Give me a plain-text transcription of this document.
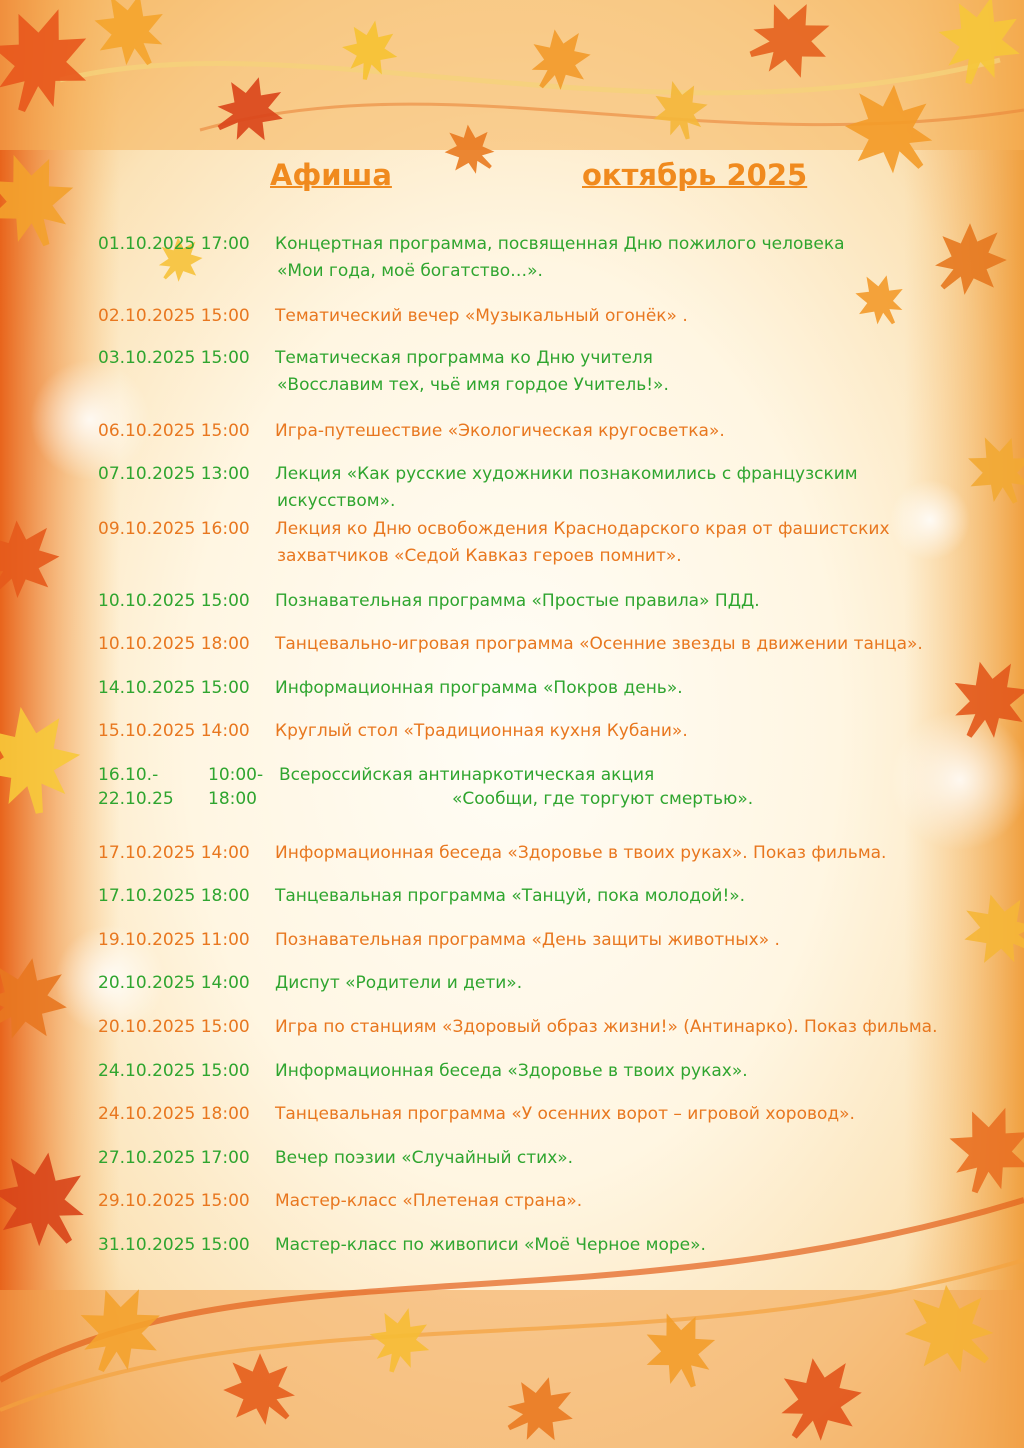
Афиша	октябрь 2025
01.10.2025 17:00 Концертная программа, посвященная Дню пожилого человека
«Мои года, моё богатство…».
02.10.2025 15:00 Тематический вечер «Музыкальный огонёк» .
03.10.2025 15:00 Тематическая программа ко Дню учителя
«Восславим тех, чьё имя гордое Учитель!».
06.10.2025 15:00 Игра-путешествие «Экологическая кругосветка».
07.10.2025 13:00 Лекция «Как русские художники познакомились с французским
искусством».
09.10.2025 16:00 Лекция ко Дню освобождения Краснодарского края от фашистских
захватчиков «Седой Кавказ героев помнит».
10.10.2025 15:00 Познавательная программа «Простые правила» ПДД.
10.10.2025 18:00 Танцевально-игровая программа «Осенние звезды в движении танца».
14.10.2025 15:00 Информационная программа «Покров день».
15.10.2025 14:00 Круглый стол «Традиционная кухня Кубани».
16.10.-
22.10.25
10:00-
18:00
Всероссийская антинаркотическая акция
«Сообщи, где торгуют смертью».
17.10.2025 14:00 Информационная беседа «Здоровье в твоих руках». Показ фильма.
17.10.2025 18:00 Танцевальная программа «Танцуй, пока молодой!».
19.10.2025 11:00 Познавательная программа «День защиты животных» .
20.10.2025 14:00 Диспут «Родители и дети».
20.10.2025 15:00 Игра по станциям «Здоровый образ жизни!» (Антинарко). Показ фильма.
24.10.2025 15:00 Информационная беседа «Здоровье в твоих руках».
24.10.2025 18:00 Танцевальная программа «У осенних ворот – игровой хоровод».
27.10.2025 17:00 Вечер поэзии «Случайный стих».
29.10.2025 15:00 Мастер-класс «Плетеная страна».
31.10.2025 15:00 Мастер-класс по живописи «Моё Черное море».
